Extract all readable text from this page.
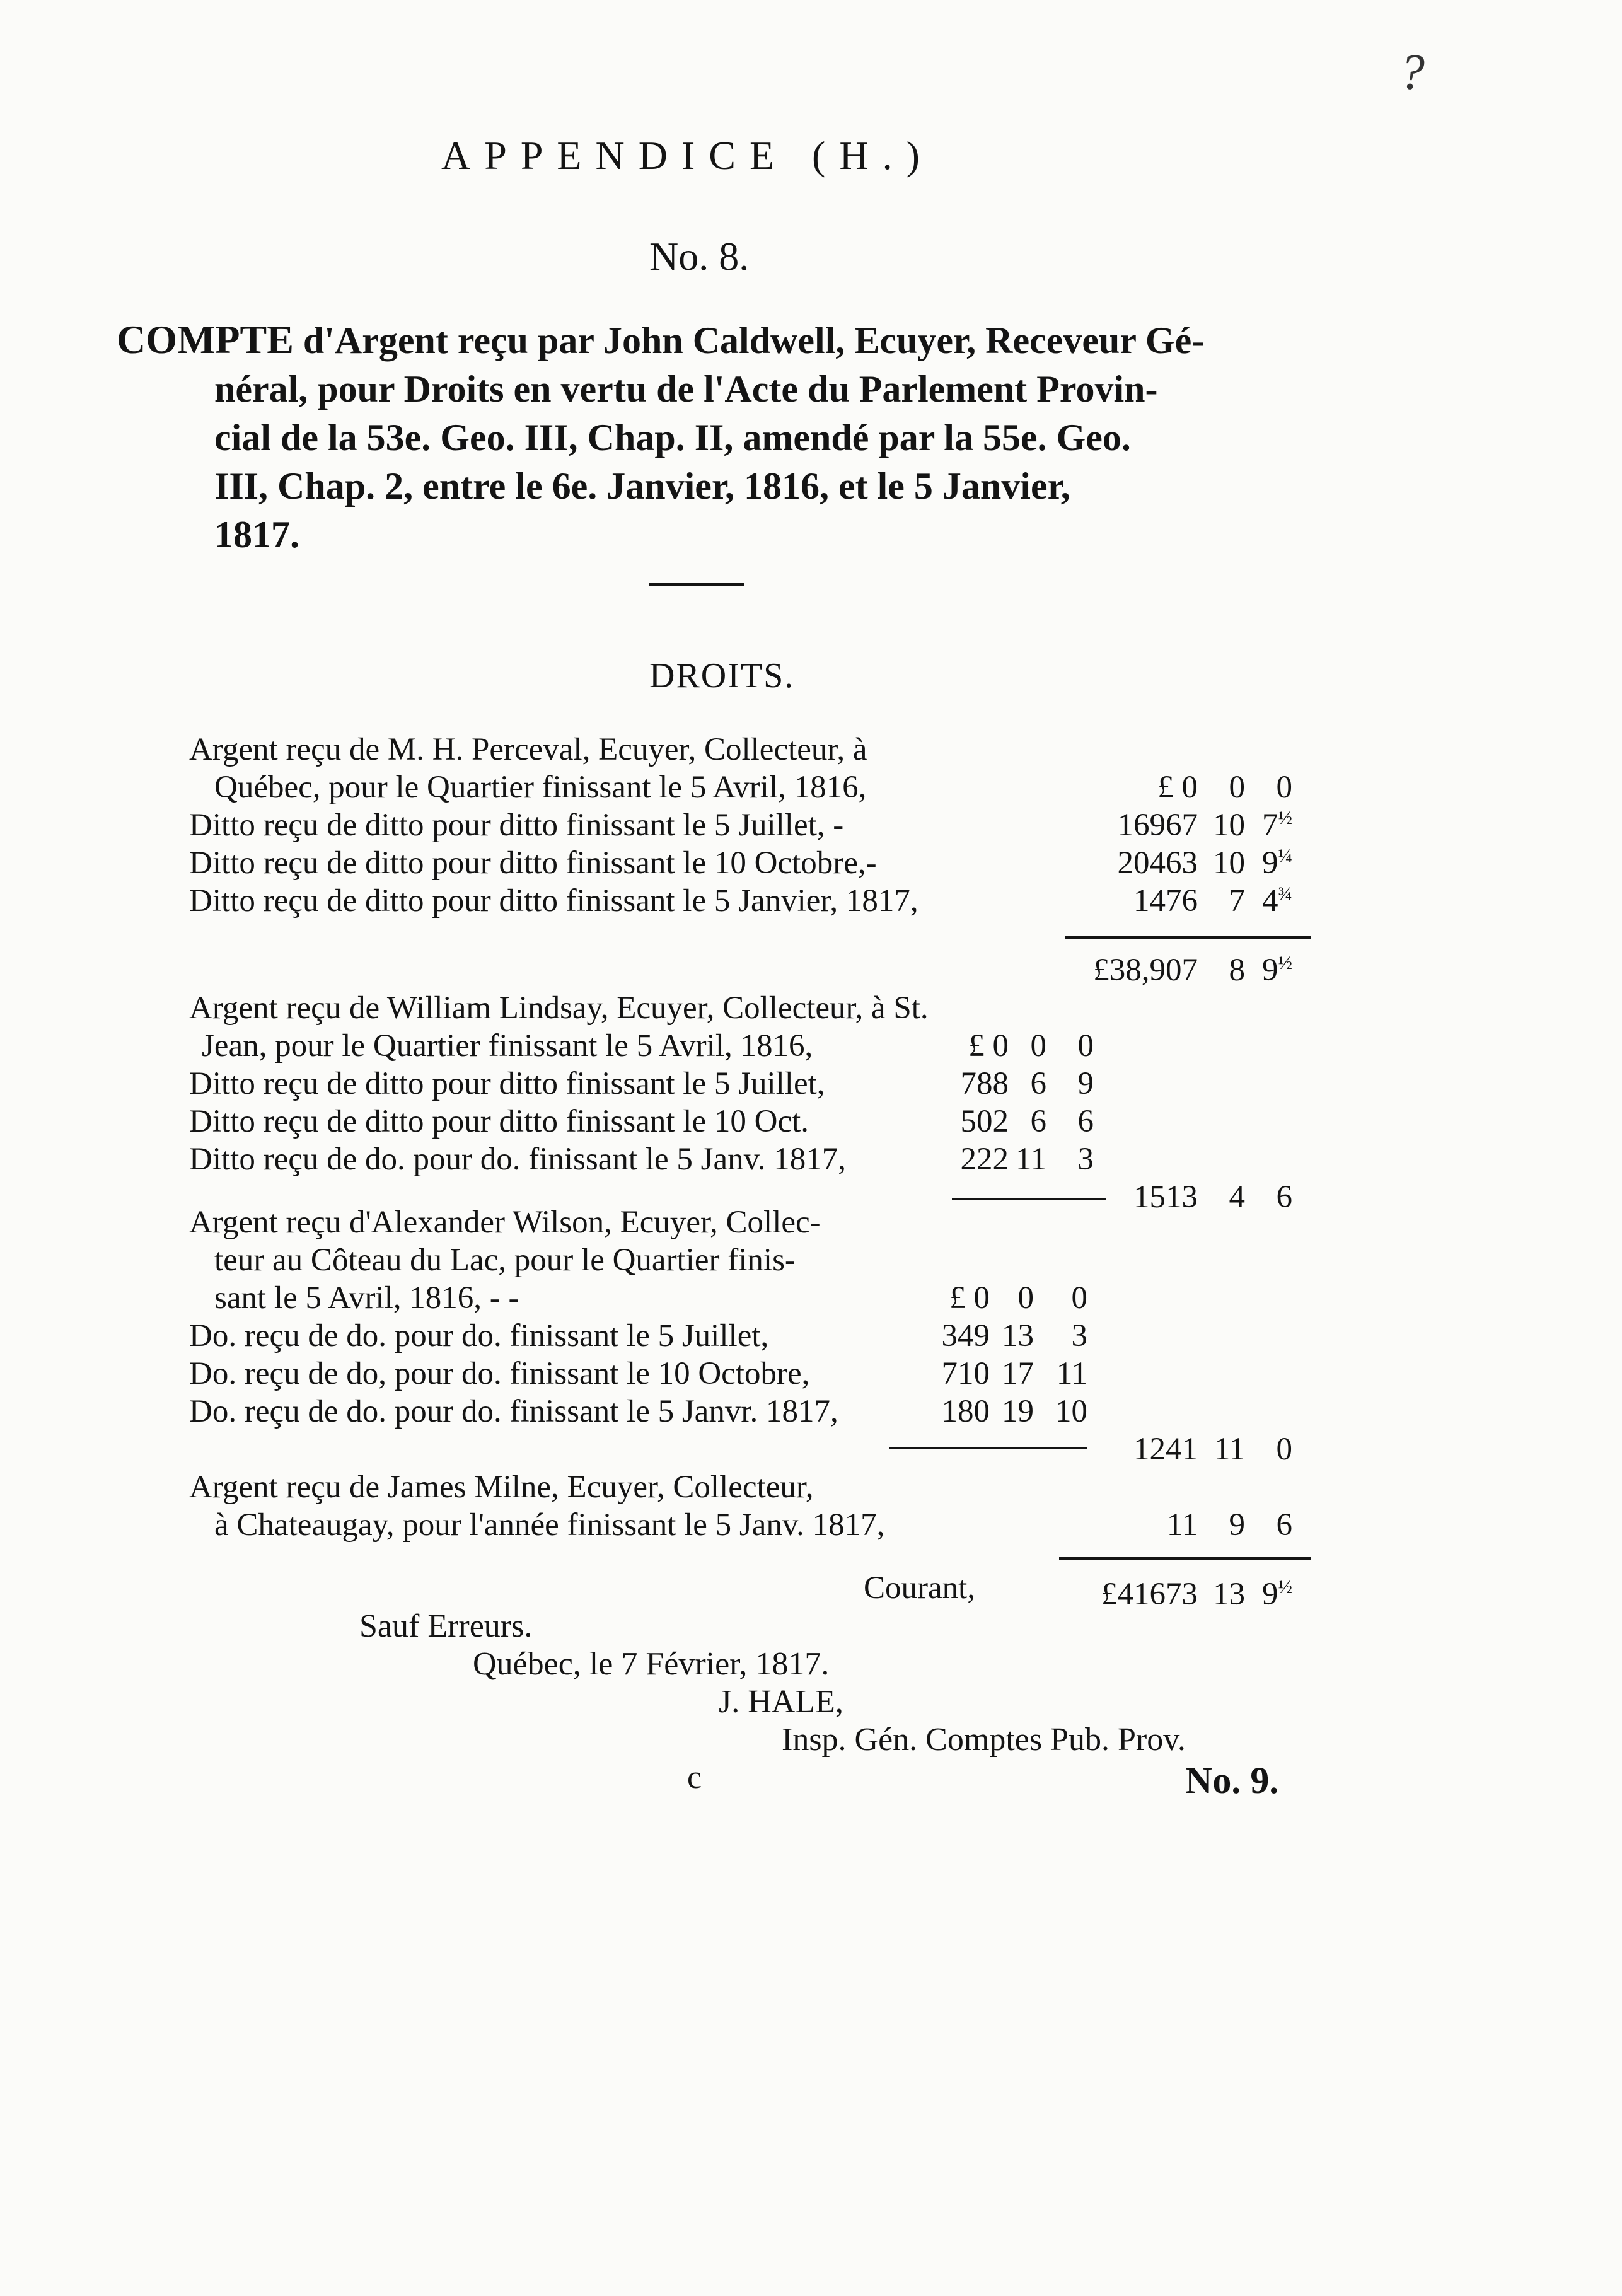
?
APPENDICE (H.)
No. 8.
COMPTE d'Argent reçu par John Caldwell, Ecuyer, Receveur Gé-
néral, pour Droits en vertu de l'Acte du Parlement Provin-
cial de la 53e. Geo. III, Chap. II, amendé par la 55e. Geo.
III, Chap. 2, entre le 6e. Janvier, 1816, et le 5 Janvier,
1817.
DROITS.
Argent reçu de M. H. Perceval, Ecuyer, Collecteur, à
Québec, pour le Quartier finissant le 5 Avril, 1816,	£ 0 0 0
Ditto reçu de ditto pour ditto finissant le 5 Juillet, -	16967 10 $7^{\frac{1}{2}}$
Ditto reçu de ditto pour ditto finissant le 10 Octobre,-	20463 10 $9^{\frac{1}{4}}$
Ditto reçu de ditto pour ditto finissant le 5 Janvier, 1817,	1476 7 $4^{\frac{3}{4}}$
£38,907 8 $9^{\frac{1}{2}}$
Argent reçu de William Lindsay, Ecuyer, Collecteur, à St.
Jean, pour le Quartier finissant le 5 Avril, 1816,	£ 0 0 0
Ditto reçu de ditto pour ditto finissant le 5 Juillet,	788 6 9
Ditto reçu de ditto pour ditto finissant le 10 Oct.	502 6 6
Ditto reçu de do. pour do. finissant le 5 Janv. 1817,	222 11 3
1513 4 6
Argent reçu d'Alexander Wilson, Ecuyer, Collec-
teur au Côteau du Lac, pour le Quartier finis-
sant le 5 Avril, 1816, - -	£ 0 0	0
Do. reçu de do. pour do. finissant le 5 Juillet,	349 13	3
Do. reçu de do, pour do. finissant le 10 Octobre,	710 17 11
Do. reçu de do. pour do. finissant le 5 Janvr. 1817,	180 19 10
1241 11 0
Argent reçu de James Milne, Ecuyer, Collecteur,
à Chateaugay, pour l'année finissant le 5 Janv. 1817,	11 9 6
Courant,	£41673 13 $9^{\frac{1}{2}}$
Sauf Erreurs.
Québec, le 7 Février, 1817.
J. HALE,
Insp. Gén. Comptes Pub. Prov.
c	No. 9.
